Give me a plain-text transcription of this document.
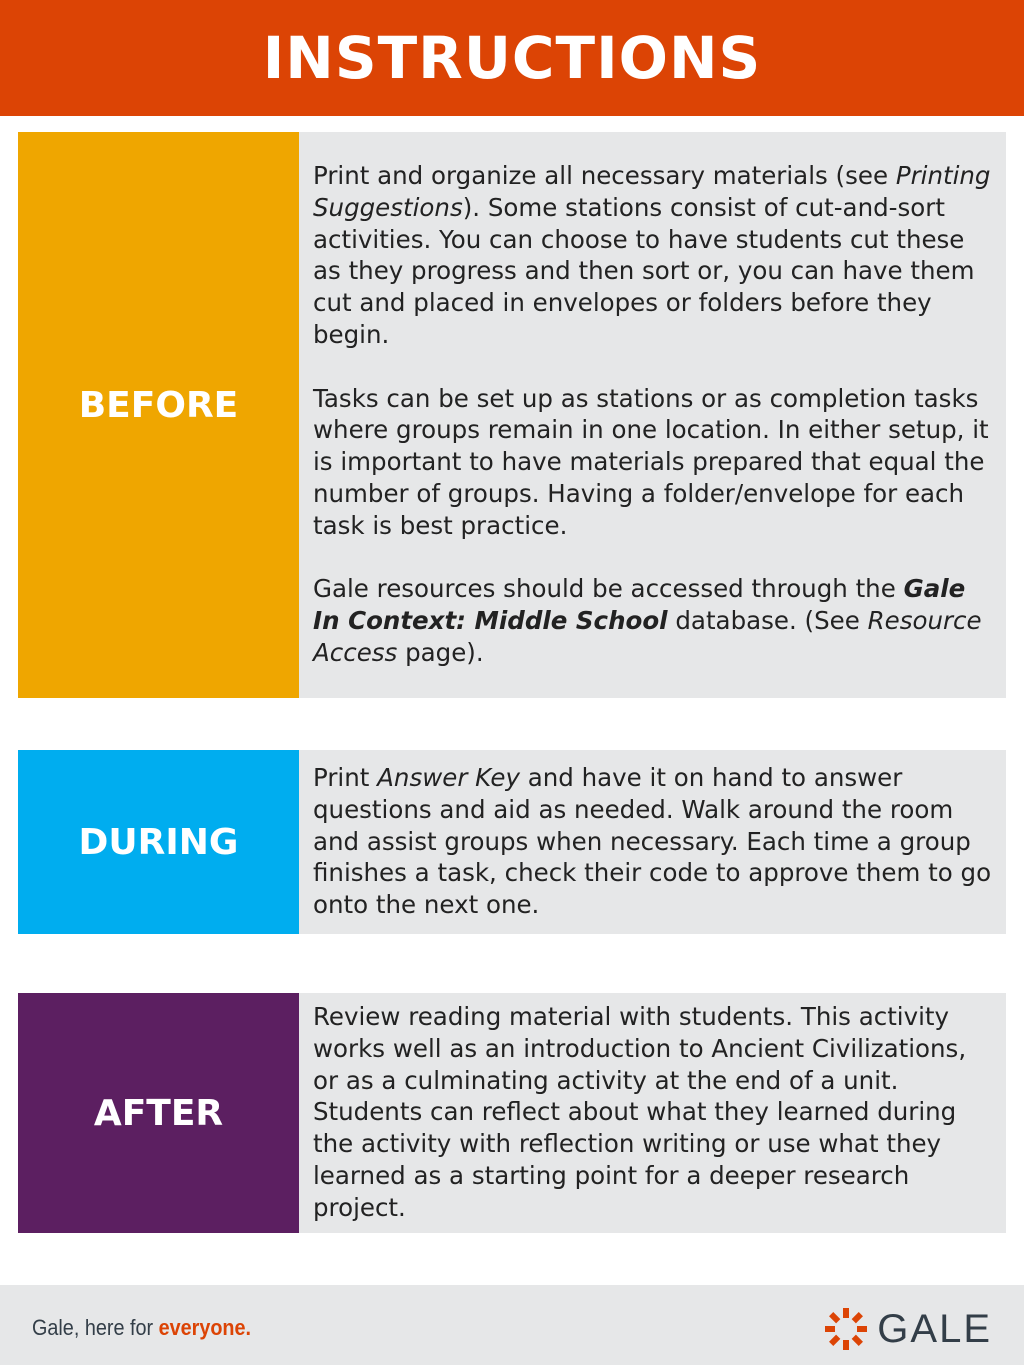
INSTRUCTIONS
BEFORE

Print and organize all necessary materials (see Printing Suggestions). Some stations consist of cut-and-sort activities. You can choose to have students cut these as they progress and then sort or, you can have them cut and placed in envelopes or folders before they begin.

Tasks can be set up as stations or as completion tasks where groups remain in one location. In either setup, it is important to have materials prepared that equal the number of groups. Having a folder/envelope for each task is best practice.

Gale resources should be accessed through the Gale In Context: Middle School database. (See Resource Access page).

DURING

Print Answer Key and have it on hand to answer questions and aid as needed. Walk around the room and assist groups when necessary. Each time a group finishes a task, check their code to approve them to go onto the next one.

AFTER

Review reading material with students. This activity works well as an introduction to Ancient Civilizations, or as a culminating activity at the end of a unit. Students can reflect about what they learned during the activity with reflection writing or use what they learned as a starting point for a deeper research project.

Gale, here for everyone.	GALE
